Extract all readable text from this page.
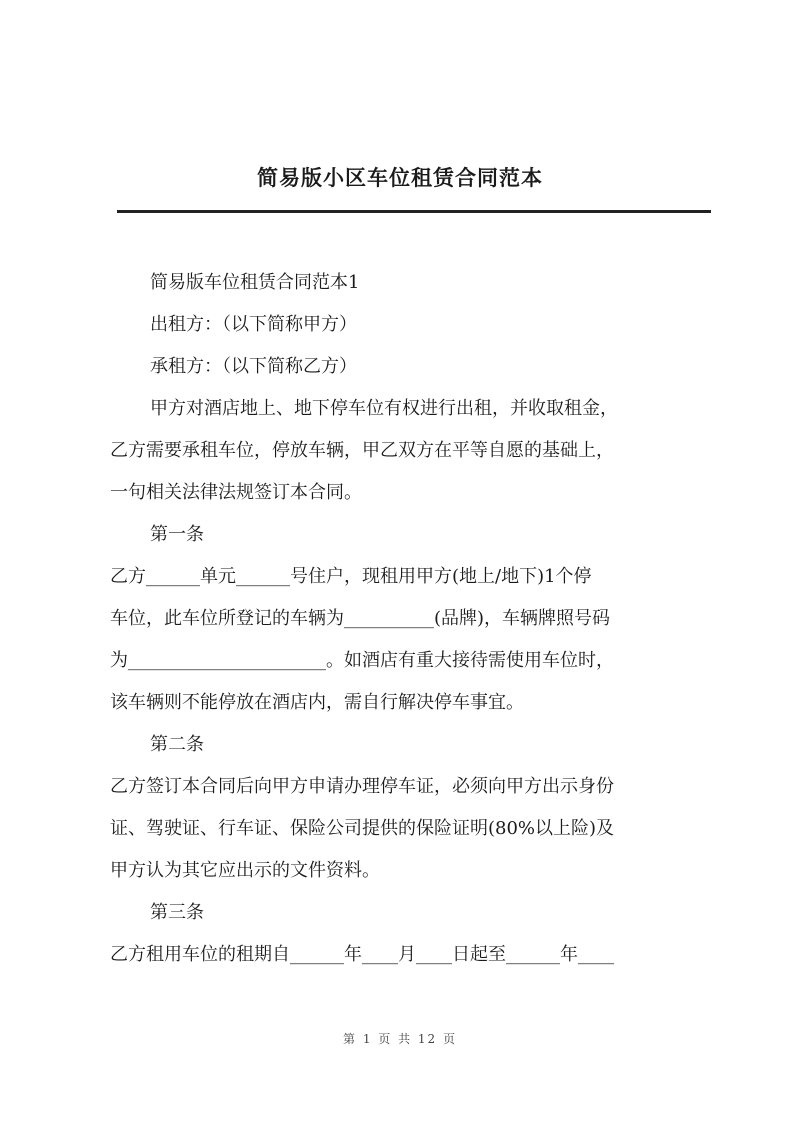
简易版小区车位租赁合同范本
简易版车位租赁合同范本1
出租方：（以下简称甲方）
承租方：（以下简称乙方）
甲方对酒店地上、地下停车位有权进行出租，并收取租金，
乙方需要承租车位，停放车辆，甲乙双方在平等自愿的基础上，
一句相关法律法规签订本合同。
第一条
乙方______单元______号住户，现租用甲方(地上/地下)1个停
车位，此车位所登记的车辆为__________(品牌)，车辆牌照号码
为______________________。如酒店有重大接待需使用车位时，
该车辆则不能停放在酒店内，需自行解决停车事宜。
第二条
乙方签订本合同后向甲方申请办理停车证，必须向甲方出示身份
证、驾驶证、行车证、保险公司提供的保险证明(80%以上险)及
甲方认为其它应出示的文件资料。
第三条
乙方租用车位的租期自______年____月____日起至______年____
第 1 页 共 12 页
